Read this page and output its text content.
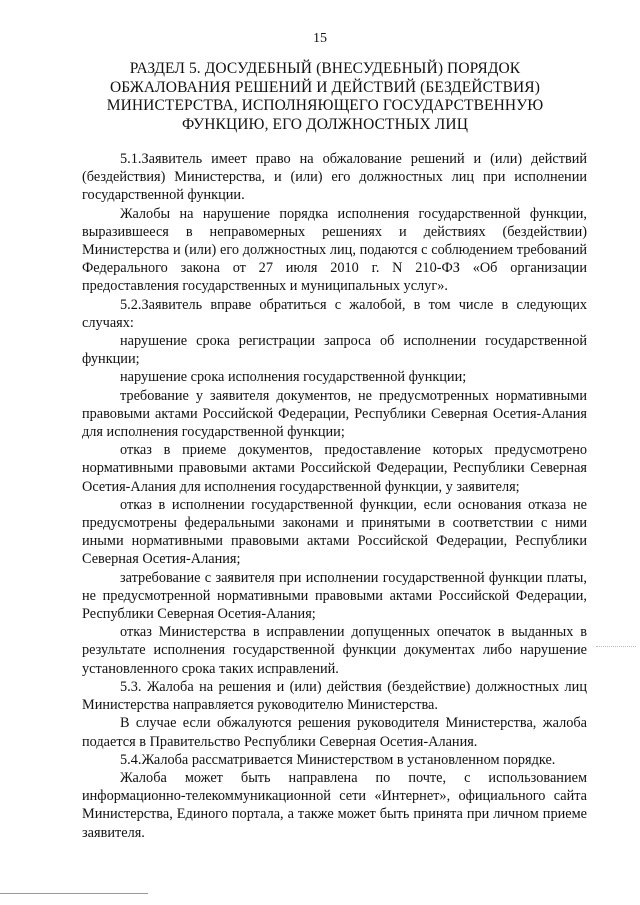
15
РАЗДЕЛ 5. ДОСУДЕБНЫЙ (ВНЕСУДЕБНЫЙ) ПОРЯДОК ОБЖАЛОВАНИЯ РЕШЕНИЙ И ДЕЙСТВИЙ (БЕЗДЕЙСТВИЯ) МИНИСТЕРСТВА, ИСПОЛНЯЮЩЕГО ГОСУДАРСТВЕННУЮ ФУНКЦИЮ, ЕГО ДОЛЖНОСТНЫХ ЛИЦ

5.1.Заявитель имеет право на обжалование решений и (или) действий (бездействия) Министерства, и (или) его должностных лиц при исполнении государственной функции.

Жалобы на нарушение порядка исполнения государственной функции, выразившееся в неправомерных решениях и действиях (бездействии) Министерства и (или) его должностных лиц, подаются с соблюдением требований Федерального закона от 27 июля 2010 г. N 210-ФЗ «Об организации предоставления государственных и муниципальных услуг».

5.2.Заявитель вправе обратиться с жалобой, в том числе в следующих случаях:

нарушение срока регистрации запроса об исполнении государственной функции;

нарушение срока исполнения государственной функции;

требование у заявителя документов, не предусмотренных нормативными правовыми актами Российской Федерации, Республики Северная Осетия-Алания для исполнения государственной функции;

отказ в приеме документов, предоставление которых предусмотрено нормативными правовыми актами Российской Федерации, Республики Северная Осетия-Алания для исполнения государственной функции, у заявителя;

отказ в исполнении государственной функции, если основания отказа не предусмотрены федеральными законами и принятыми в соответствии с ними иными нормативными правовыми актами Российской Федерации, Республики Северная Осетия-Алания;

затребование с заявителя при исполнении государственной функции платы, не предусмотренной нормативными правовыми актами Российской Федерации, Республики Северная Осетия-Алания;

отказ Министерства в исправлении допущенных опечаток в выданных в результате исполнения государственной функции документах либо нарушение установленного срока таких исправлений.

5.3. Жалоба на решения и (или) действия (бездействие) должностных лиц Министерства направляется руководителю Министерства.

В случае если обжалуются решения руководителя Министерства, жалоба подается в Правительство Республики Северная Осетия-Алания.

5.4.Жалоба рассматривается Министерством в установленном порядке.

Жалоба может быть направлена по почте, с использованием информационно-телекоммуникационной сети «Интернет», официального сайта Министерства, Единого портала, а также может быть принята при личном приеме заявителя.
